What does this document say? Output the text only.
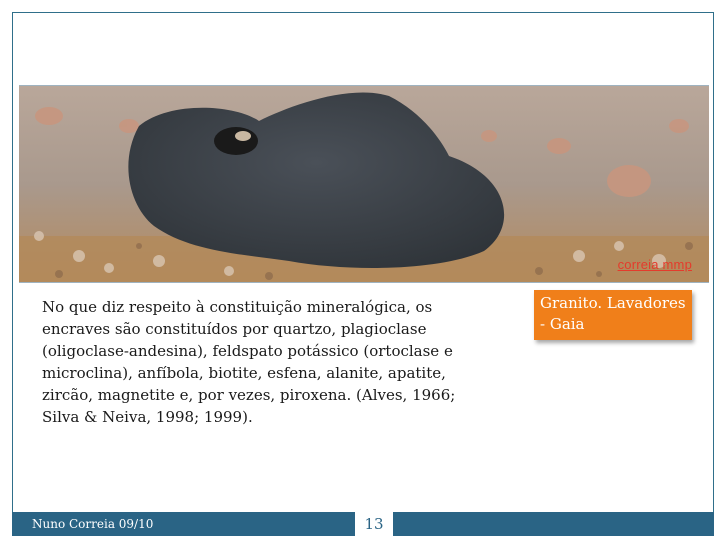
correia mmp
No que diz respeito à constituição mineralógica, os encraves são constituídos por quartzo, plagioclase (oligoclase-andesina), feldspato potássico (ortoclase e microclina), anfíbola, biotite, esfena, alanite, apatite, zircão, magnetite e, por vezes, piroxena. (Alves, 1966; Silva & Neiva, 1998; 1999).
Granito. Lavadores - Gaia
Nuno Correia 09/10	13
